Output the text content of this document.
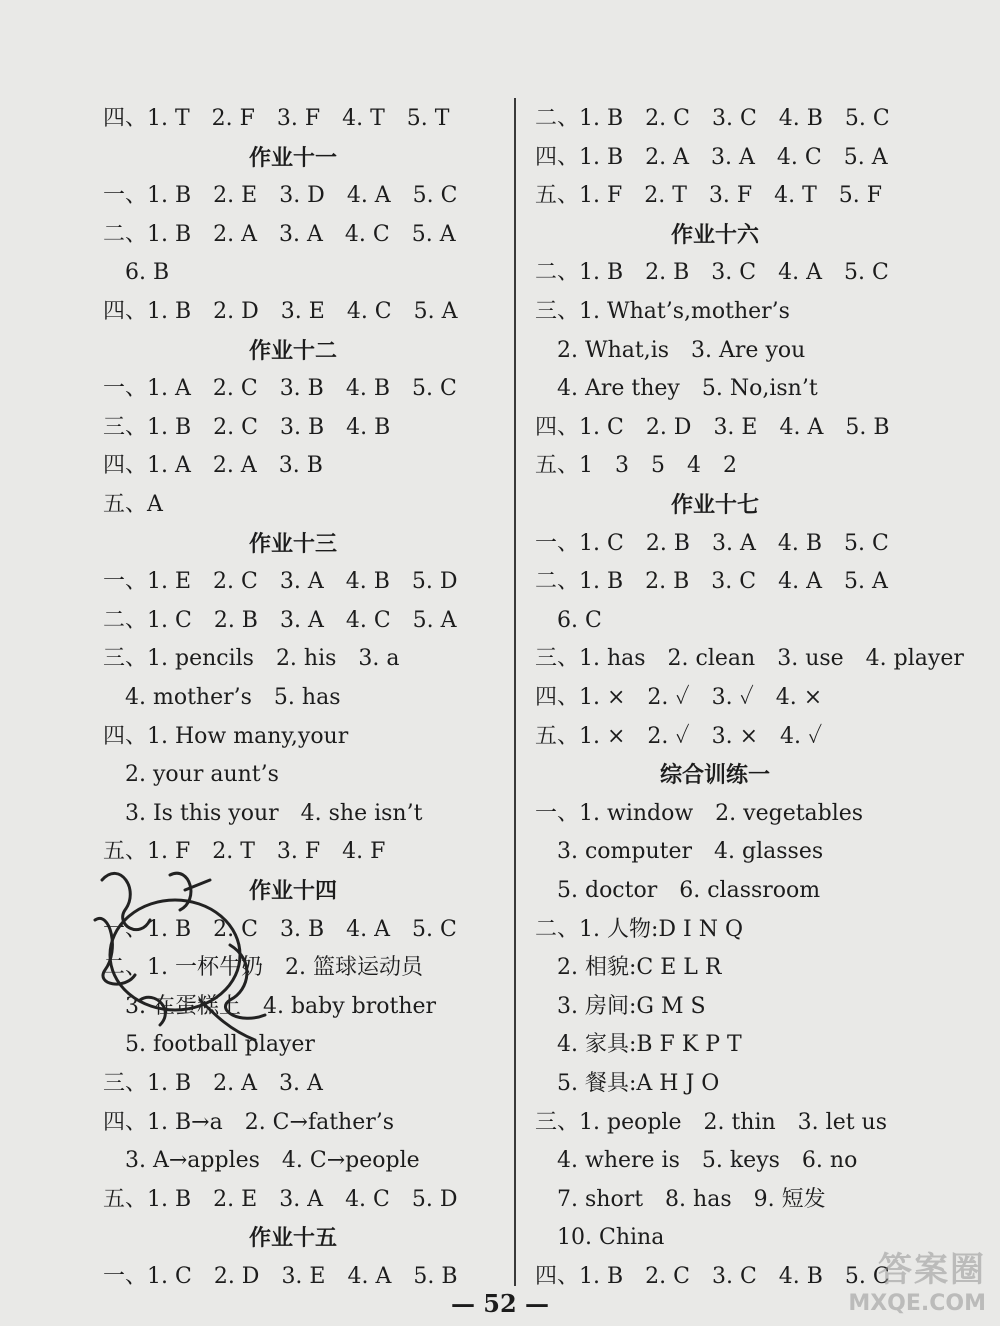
四、1. T　2. F　3. F　4. T　5. T
作业十一
一、1. B　2. E　3. D　4. A　5. C
二、1. B　2. A　3. A　4. C　5. A
　6. B
四、1. B　2. D　3. E　4. C　5. A
作业十二
一、1. A　2. C　3. B　4. B　5. C
三、1. B　2. C　3. B　4. B
四、1. A　2. A　3. B
五、A
作业十三
一、1. E　2. C　3. A　4. B　5. D
二、1. C　2. B　3. A　4. C　5. A
三、1. pencils　2. his　3. a
　4. mother’s　5. has
四、1. How many,your
　2. your aunt’s
　3. Is this your　4. she isn’t
五、1. F　2. T　3. F　4. F
作业十四
一、1. B　2. C　3. B　4. A　5. C
二、1. 一杯牛奶　2. 篮球运动员
　3. 在蛋糕上　4. baby brother
　5. football player
三、1. B　2. A　3. A
四、1. B→a　2. C→father’s
　3. A→apples　4. C→people
五、1. B　2. E　3. A　4. C　5. D
作业十五
一、1. C　2. D　3. E　4. A　5. B
二、1. B　2. C　3. C　4. B　5. C
四、1. B　2. A　3. A　4. C　5. A
五、1. F　2. T　3. F　4. T　5. F
作业十六
二、1. B　2. B　3. C　4. A　5. C
三、1. What’s,mother’s
　2. What,is　3. Are you
　4. Are they　5. No,isn’t
四、1. C　2. D　3. E　4. A　5. B
五、1　3　5　4　2
作业十七
一、1. C　2. B　3. A　4. B　5. C
二、1. B　2. B　3. C　4. A　5. A
　6. C
三、1. has　2. clean　3. use　4. player
四、1. ×　2. ✓　3. ✓　4. ×
五、1. ×　2. ✓　3. ×　4. ✓
综合训练一
一、1. window　2. vegetables
　3. computer　4. glasses
　5. doctor　6. classroom
二、1. 人物:D I N Q
　2. 相貌:C E L R
　3. 房间:G M S
　4. 家具:B F K P T
　5. 餐具:A H J O
三、1. people　2. thin　3. let us
　4. where is　5. keys　6. no
　7. short　8. has　9. 短发
　10. China
四、1. B　2. C　3. C　4. B　5. C
答案圈
MXQE.COM
— 52 —
